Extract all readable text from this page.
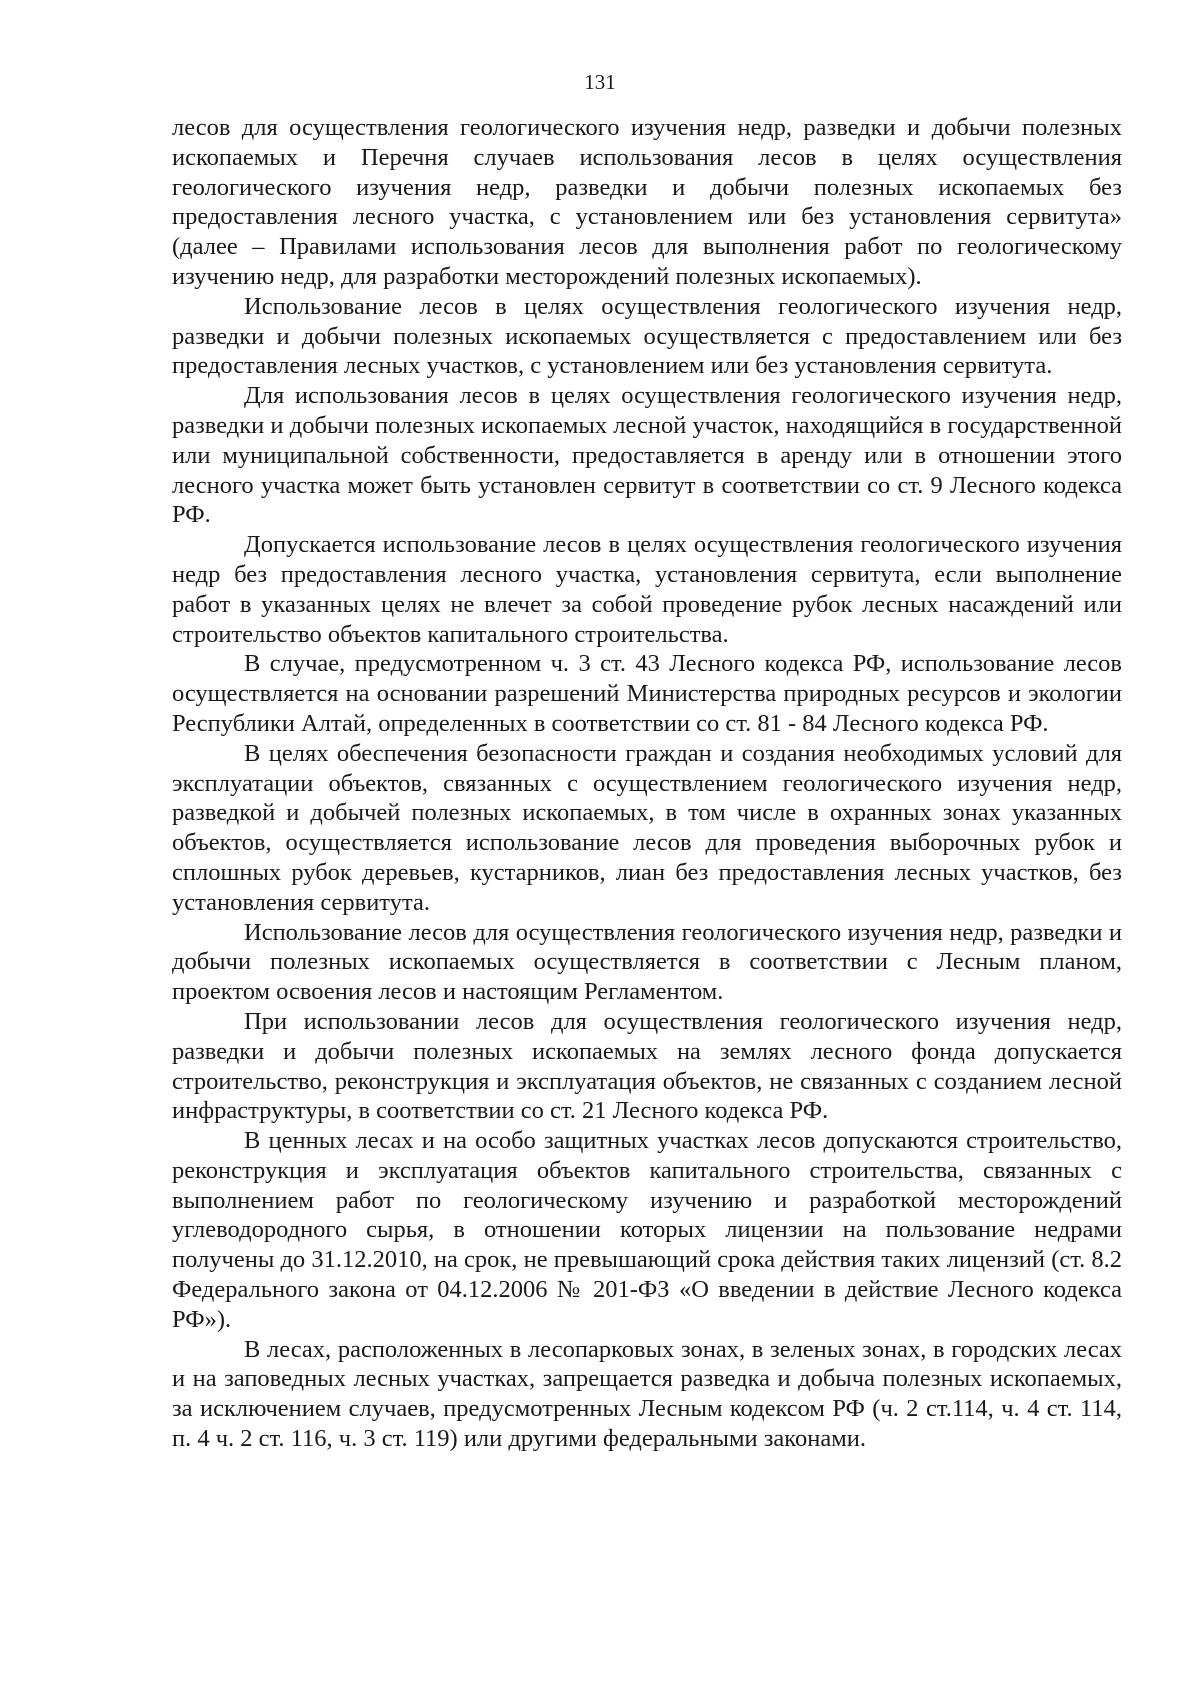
131

лесов для осуществления геологического изучения недр, разведки и добычи полезных ископаемых и Перечня случаев использования лесов в целях осуществления геологического изучения недр, разведки и добычи полезных ископаемых без предоставления лесного участка, с установлением или без установления сервитута» (далее – Правилами использования лесов для выполнения работ по геологическому изучению недр, для разработки месторождений полезных ископаемых).

Использование лесов в целях осуществления геологического изучения недр, разведки и добычи полезных ископаемых осуществляется с предоставлением или без предоставления лесных участков, с установлением или без установления сервитута.

Для использования лесов в целях осуществления геологического изучения недр, разведки и добычи полезных ископаемых лесной участок, находящийся в государственной или муниципальной собственности, предоставляется в аренду или в отношении этого лесного участка может быть установлен сервитут в соответствии со ст. 9 Лесного кодекса РФ.

Допускается использование лесов в целях осуществления геологического изучения недр без предоставления лесного участка, установления сервитута, если выполнение работ в указанных целях не влечет за собой проведение рубок лесных насаждений или строительство объектов капитального строительства.

В случае, предусмотренном ч. 3 ст. 43 Лесного кодекса РФ, использование лесов осуществляется на основании разрешений Министерства природных ресурсов и экологии Республики Алтай, определенных в соответствии со ст. 81 - 84 Лесного кодекса РФ.

В целях обеспечения безопасности граждан и создания необходимых условий для эксплуатации объектов, связанных с осуществлением геологического изучения недр, разведкой и добычей полезных ископаемых, в том числе в охранных зонах указанных объектов, осуществляется использование лесов для проведения выборочных рубок и сплошных рубок деревьев, кустарников, лиан без предоставления лесных участков, без установления сервитута.

Использование лесов для осуществления геологического изучения недр, разведки и добычи полезных ископаемых осуществляется в соответствии с Лесным планом, проектом освоения лесов и настоящим Регламентом.

При использовании лесов для осуществления геологического изучения недр, разведки и добычи полезных ископаемых на землях лесного фонда допускается строительство, реконструкция и эксплуатация объектов, не связанных с созданием лесной инфраструктуры, в соответствии со ст. 21 Лесного кодекса РФ.

В ценных лесах и на особо защитных участках лесов допускаются строительство, реконструкция и эксплуатация объектов капитального строительства, связанных с выполнением работ по геологическому изучению и разработкой месторождений углеводородного сырья, в отношении которых лицензии на пользование недрами получены до 31.12.2010, на срок, не превышающий срока действия таких лицензий (ст. 8.2 Федерального закона от 04.12.2006 № 201-ФЗ «О введении в действие Лесного кодекса РФ»).

В лесах, расположенных в лесопарковых зонах, в зеленых зонах, в городских лесах и на заповедных лесных участках, запрещается разведка и добыча полезных ископаемых, за исключением случаев, предусмотренных Лесным кодексом РФ (ч. 2 ст.114, ч. 4 ст. 114, п. 4 ч. 2 ст. 116, ч. 3 ст. 119) или другими федеральными законами.
